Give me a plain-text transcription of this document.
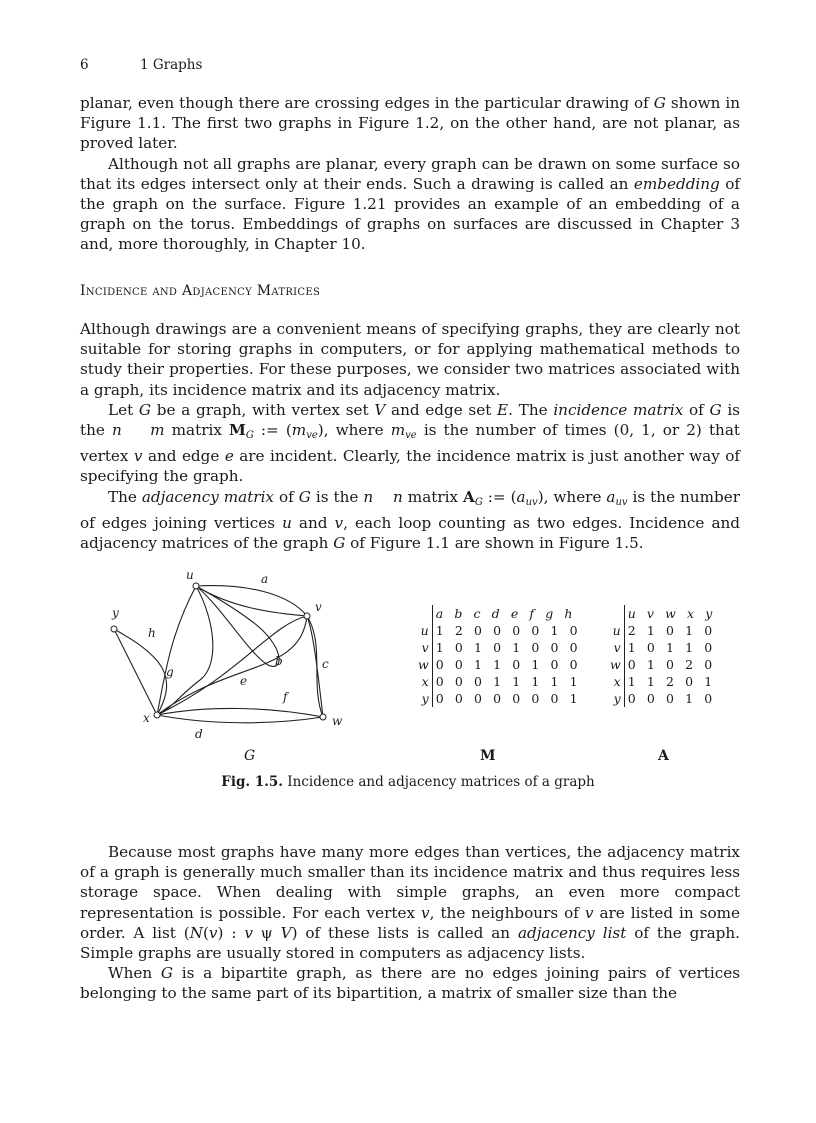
6	1 Graphs

planar, even though there are crossing edges in the particular drawing of G shown in Figure 1.1. The first two graphs in Figure 1.2, on the other hand, are not planar, as proved later.

Although not all graphs are planar, every graph can be drawn on some surface so that its edges intersect only at their ends. Such a drawing is called an embedding of the graph on the surface. Figure 1.21 provides an example of an embedding of a graph on the torus. Embeddings of graphs on surfaces are discussed in Chapter 3 and, more thoroughly, in Chapter 10.

Incidence and Adjacency Matrices

Although drawings are a convenient means of specifying graphs, they are clearly not suitable for storing graphs in computers, or for applying mathematical methods to study their properties. For these purposes, we consider two matrices associated with a graph, its incidence matrix and its adjacency matrix.

Let G be a graph, with vertex set V and edge set E. The incidence matrix of G is the n m matrix $M_G$ := $(m_{ve})$, where $m_{ve}$ is the number of times (0, 1, or 2) that vertex v and edge e are incident. Clearly, the incidence matrix is just another way of specifying the graph.

The adjacency matrix of G is the n n matrix $A_G$ := $(a_{uv})$, where $a_{uv}$ is the number of edges joining vertices u and v, each loop counting as two edges. Incidence and adjacency matrices of the graph G of Figure 1.1 are shown in Figure 1.5.

u
v
w
x
y
a
b	c
d
e
f
g
h
	a b c d e f g h
u	1 2 0 0 0 0 1 0
v	1 0 1 0 1 0 0 0
w	0 0 1 1 0 1 0 0
x	0 0 0 1 1 1 1 1
y	0 0 0 0 0 0 0 1
	u v w x y
u	2 1 0 1 0
v	1 0 1 1 0
w	0 1 0 2 0
x	1 1 2 0 1
y	0 0 0 1 0
G	M	A
Fig. 1.5. Incidence and adjacency matrices of a graph

Because most graphs have many more edges than vertices, the adjacency matrix of a graph is generally much smaller than its incidence matrix and thus requires less storage space. When dealing with simple graphs, an even more compact representation is possible. For each vertex v, the neighbours of v are listed in some order. A list (N(v) : v ψ V) of these lists is called an adjacency list of the graph. Simple graphs are usually stored in computers as adjacency lists.

When G is a bipartite graph, as there are no edges joining pairs of vertices belonging to the same part of its bipartition, a matrix of smaller size than the
